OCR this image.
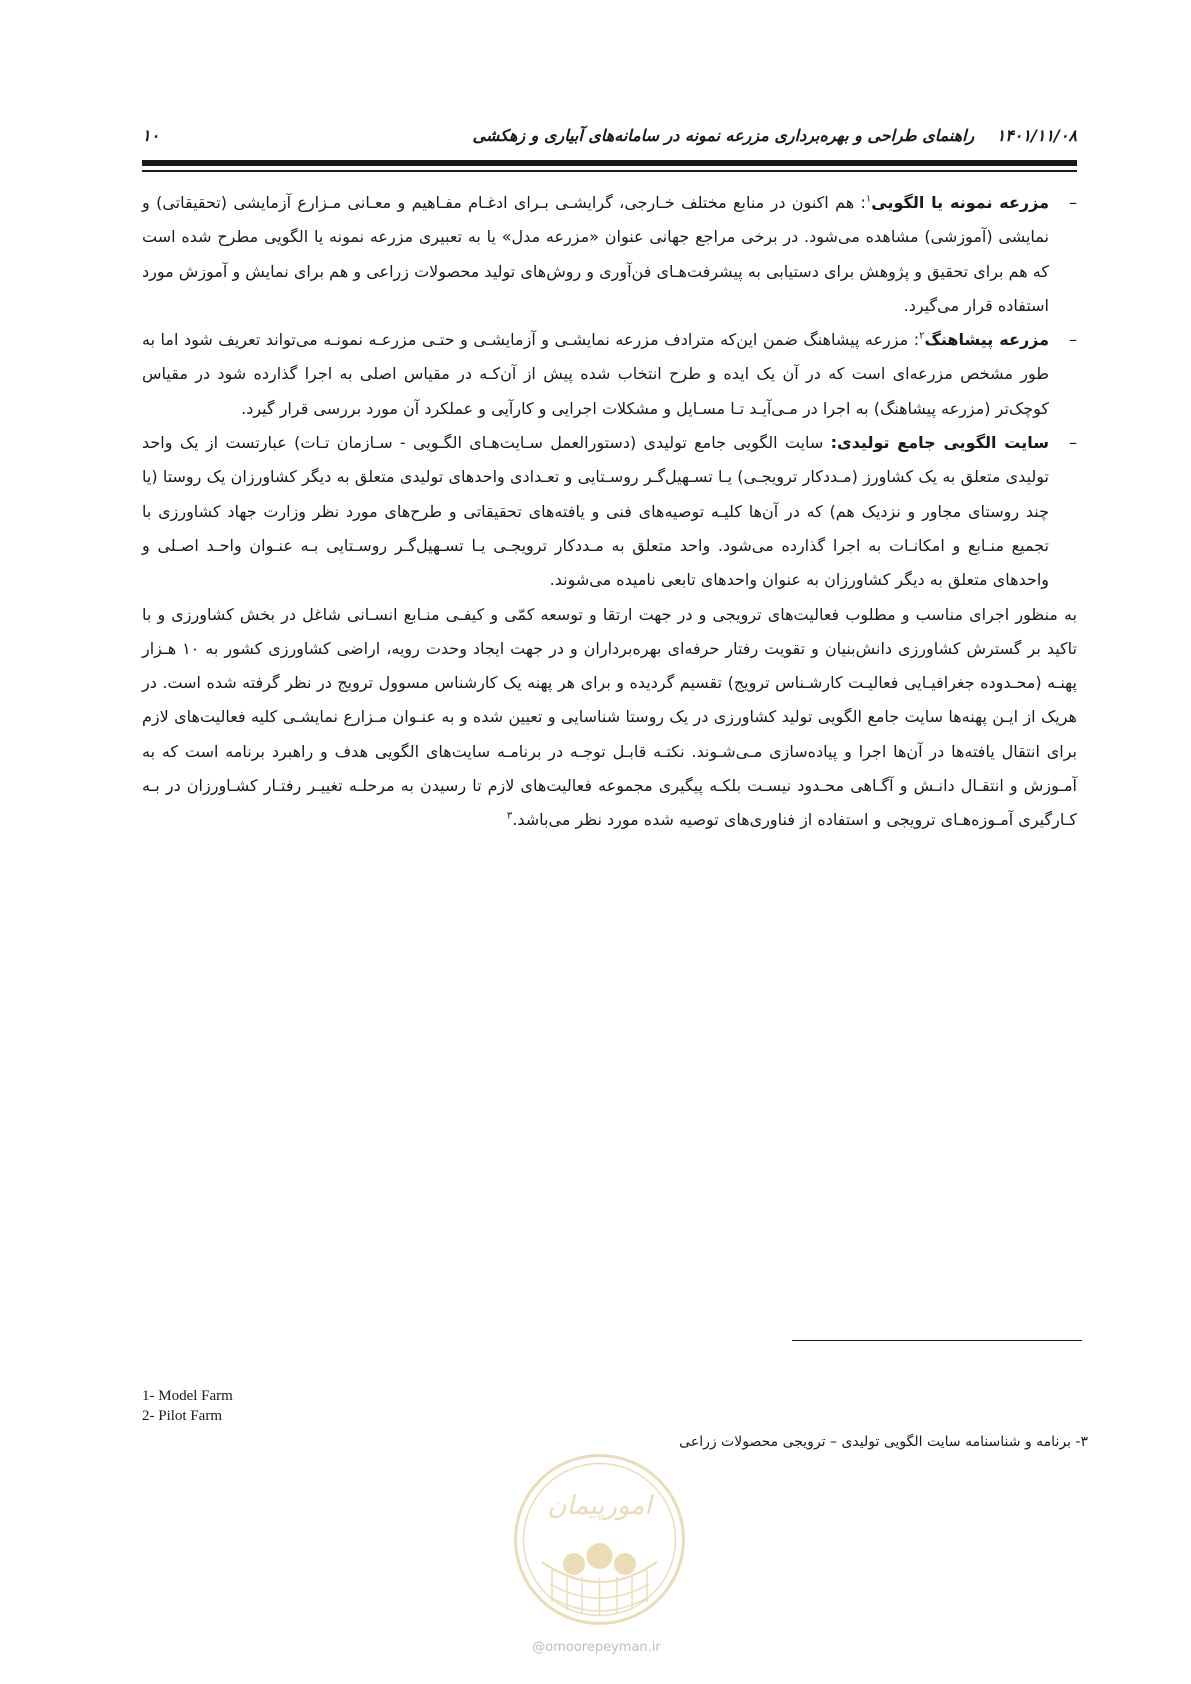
۱۰	۱۴۰۱/۱۱/۰۸    راهنمای طراحی و بهره‌برداری مزرعه نمونه در سامانه‌های آبیاری و زهکشی

–
مزرعه نمونه یا الگویی$^۱$: هم اکنون در منابع مختلف خـارجی، گرایشـی بـرای ادغـام مفـاهیم و معـانی مـزارع آزمایشی (تحقیقاتی) و نمایشی (آموزشی) مشاهده می‌شود. در برخی مراجع جهانی عنوان «مزرعه مدل» یا به تعبیری مزرعه نمونه یا الگویی مطرح شده است که هم برای تحقیق و پژوهش برای دستیابی به پیشرفت‌هـای فن‌آوری و روش‌های تولید محصولات زراعی و هم برای نمایش و آموزش مورد استفاده قرار می‌گیرد.

–
مزرعه پیشاهنگ$^۲$: مزرعه پیشاهنگ ضمن این‌که مترادف مزرعه نمایشـی و آزمایشـی و حتـی مزرعـه نمونـه می‌تواند تعریف شود اما به طور مشخص مزرعه‌ای است که در آن یک ایده و طرح انتخاب شده پیش از آن‌کـه در مقیاس اصلی به اجرا گذارده شود در مقیاس کوچک‌تر (مزرعه پیشاهنگ) به اجرا در مـی‌آیـد تـا مسـایل و مشکلات اجرایی و کارآیی و عملکرد آن مورد بررسی قرار گیرد.

–
سایت الگویی جامع تولیدی: سایت الگویی جامع تولیدی (دستورالعمل سـایت‌هـای الگـویی - سـازمان تـات) عبارتست از یک واحد تولیدی متعلق به یک کشاورز (مـددکار ترویجـی) یـا تسـهیل‌گـر روسـتایی و تعـدادی واحدهای تولیدی متعلق به دیگر کشاورزان یک روستا (یا چند روستای مجاور و نزدیک هم) که در آن‌ها کلیـه توصیه‌های فنی و یافته‌های تحقیقاتی و طرح‌های مورد نظر وزارت جهاد کشاورزی با تجمیع منـابع و امکانـات به اجرا گذارده می‌شود. واحد متعلق به مـددکار ترویجـی یـا تسـهیل‌گـر روسـتایی بـه عنـوان واحـد اصـلی و واحدهای متعلق به دیگر کشاورزان به عنوان واحدهای تابعی نامیده می‌شوند.

به منظور اجرای مناسب و مطلوب فعالیت‌های ترویجی و در جهت ارتقا و توسعه کمّی و کیفـی منـابع انسـانی شاغل در بخش کشاورزی و با تاکید بر گسترش کشاورزی دانش‌بنیان و تقویت رفتار حرفه‌ای بهره‌برداران و در جهت ایجاد وحدت رویه، اراضی کشاورزی کشور به ۱۰ هـزار پهنـه (محـدوده جغرافیـایی فعالیـت کارشـناس ترویج) تقسیم گردیده و برای هر پهنه یک کارشناس مسوول ترویج در نظر گرفته شده است. در هریک از ایـن پهنه‌ها سایت جامع الگویی تولید کشاورزی در یک روستا شناسایی و تعیین شده و به عنـوان مـزارع نمایشـی کلیه فعالیت‌های لازم برای انتقال یافته‌ها در آن‌ها اجرا و پیاده‌سازی مـی‌شـوند. نکتـه قابـل توجـه در برنامـه سایت‌های الگویی هدف و راهبرد برنامه است که به آمـوزش و انتقـال دانـش و آگـاهی محـدود نیسـت بلکـه پیگیری مجموعه فعالیت‌های لازم تا رسیدن به مرحلـه تغییـر رفتـار کشـاورزان در بـه کـارگیری آمـوزه‌هـای ترویجی و استفاده از فناوری‌های توصیه شده مورد نظر می‌باشد.$^۳$

1- Model Farm
2- Pilot Farm
۳- برنامه و شناسنامه سایت الگویی تولیدی – ترویجی محصولات زراعی
امورپیمان
@omoorepeyman.ir
